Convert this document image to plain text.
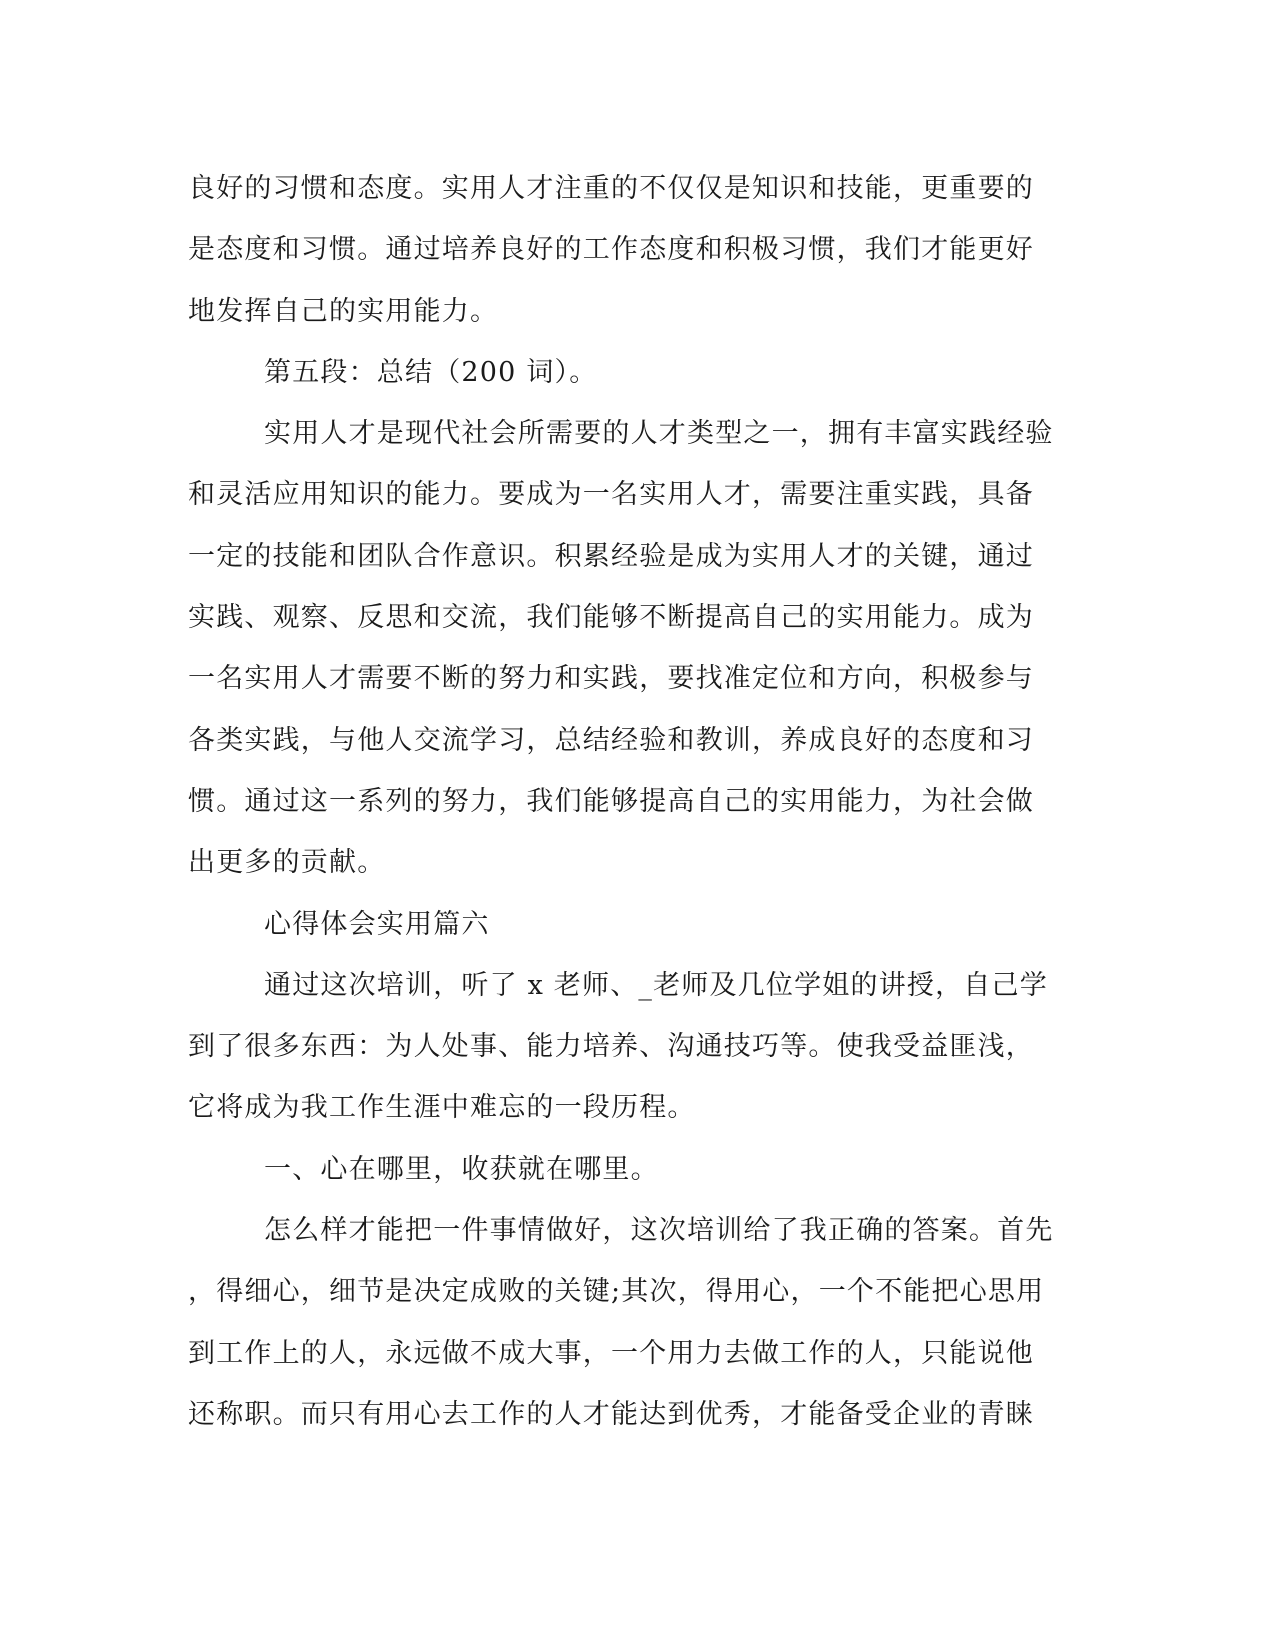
良好的习惯和态度。实用人才注重的不仅仅是知识和技能，更重要的
是态度和习惯。通过培养良好的工作态度和积极习惯，我们才能更好
地发挥自己的实用能力。

第五段：总结（200 词）。

实用人才是现代社会所需要的人才类型之一，拥有丰富实践经验
和灵活应用知识的能力。要成为一名实用人才，需要注重实践，具备
一定的技能和团队合作意识。积累经验是成为实用人才的关键，通过
实践、观察、反思和交流，我们能够不断提高自己的实用能力。成为
一名实用人才需要不断的努力和实践，要找准定位和方向，积极参与
各类实践，与他人交流学习，总结经验和教训，养成良好的态度和习
惯。通过这一系列的努力，我们能够提高自己的实用能力，为社会做
出更多的贡献。

心得体会实用篇六

通过这次培训，听了 x 老师、_老师及几位学姐的讲授，自己学
到了很多东西：为人处事、能力培养、沟通技巧等。使我受益匪浅，
它将成为我工作生涯中难忘的一段历程。

一、心在哪里，收获就在哪里。

怎么样才能把一件事情做好，这次培训给了我正确的答案。首先
，得细心，细节是决定成败的关键;其次，得用心，一个不能把心思用
到工作上的人，永远做不成大事，一个用力去做工作的人，只能说他
还称职。而只有用心去工作的人才能达到优秀，才能备受企业的青睐
